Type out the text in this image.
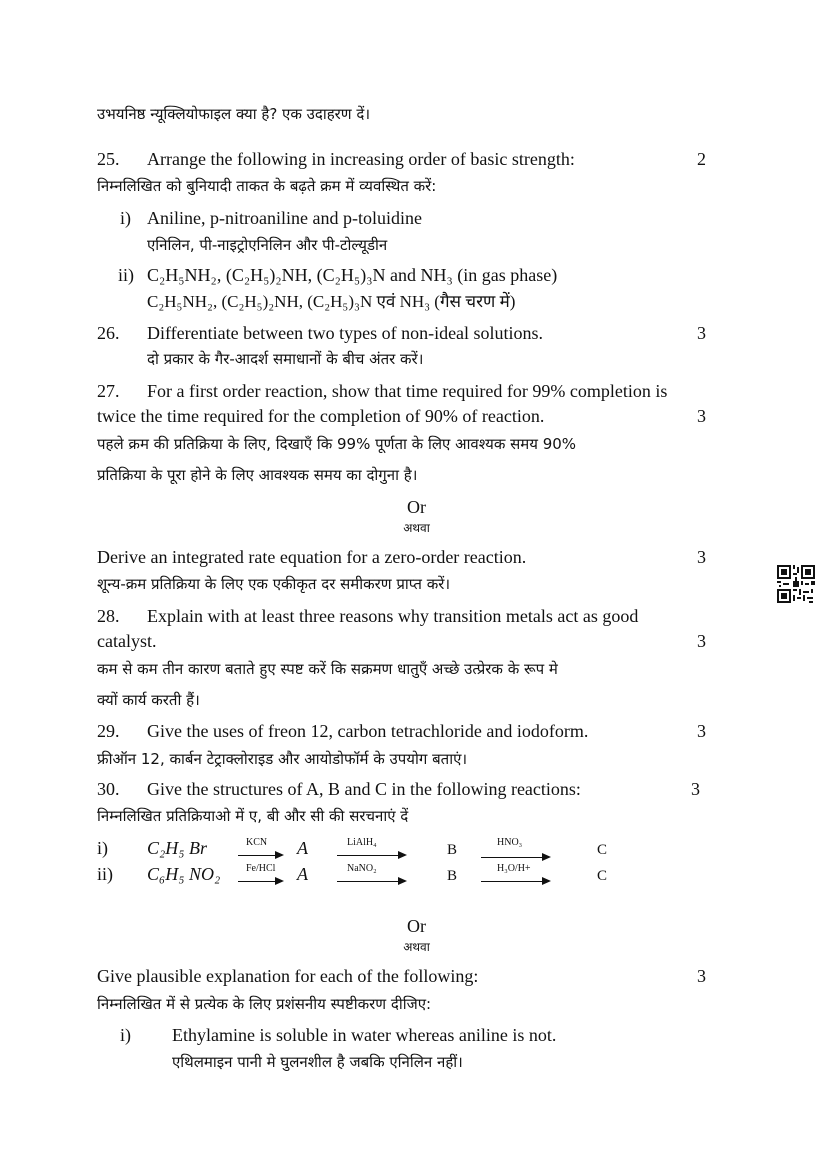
उभयनिष्ठ न्यूक्लियोफाइल क्या है? एक उदाहरण दें।
25. Arrange the following in increasing order of basic strength:	2
निम्नलिखित को बुनियादी ताकत के बढ़ते क्रम में व्यवस्थित करें:
i) Aniline, p-nitroaniline and p-toluidine
एनिलिन, पी-नाइट्रोएनिलिन और पी-टोल्यूडीन
ii) C₂H₅NH₂, (C₂H₅)₂NH, (C₂H₅)₃N and NH₃ (in gas phase)
C₂H₅NH₂, (C₂H₅)₂NH, (C₂H₅)₃N एवं NH₃ (गैस चरण में)
26. Differentiate between two types of non-ideal solutions.	3
दो प्रकार के गैर-आदर्श समाधानों के बीच अंतर करें।
27. For a first order reaction, show that time required for 99% completion is
twice the time required for the completion of 90% of reaction.	3
पहले क्रम की प्रतिक्रिया के लिए, दिखाएँ कि 99% पूर्णता के लिए आवश्यक समय 90%
प्रतिक्रिया के पूरा होने के लिए आवश्यक समय का दोगुना है।
Or
अथवा
Derive an integrated rate equation for a zero-order reaction.	3
शून्य-क्रम प्रतिक्रिया के लिए एक एकीकृत दर समीकरण प्राप्त करें।
28. Explain with at least three reasons why transition metals act as good
catalyst.	3
कम से कम तीन कारण बताते हुए स्पष्ट करें कि सक्रमण धातुएँ अच्छे उत्प्रेरक के रूप मे
क्यों कार्य करती हैं।
29. Give the uses of freon 12, carbon tetrachloride and iodoform.	3
फ्रीऑन 12, कार्बन टेट्राक्लोराइड और आयोडोफॉर्म के उपयोग बताएं।
30. Give the structures of A, B and C in the following reactions:	3
निम्नलिखित प्रतिक्रियाओ में ए, बी और सी की सरचनाएं दें
i) C₂H₅ Br	KCN A	LiAlH₄	B	HNO₃	C
ii) C₆H₅ NO₂	Fe/HCl A	NaNO₂	B	H₃O/H+	C
Or
अथवा
Give plausible explanation for each of the following:	3
निम्नलिखित में से प्रत्येक के लिए प्रशंसनीय स्पष्टीकरण दीजिए:
i) Ethylamine is soluble in water whereas aniline is not.
एथिलमाइन पानी मे घुलनशील है जबकि एनिलिन नहीं।
